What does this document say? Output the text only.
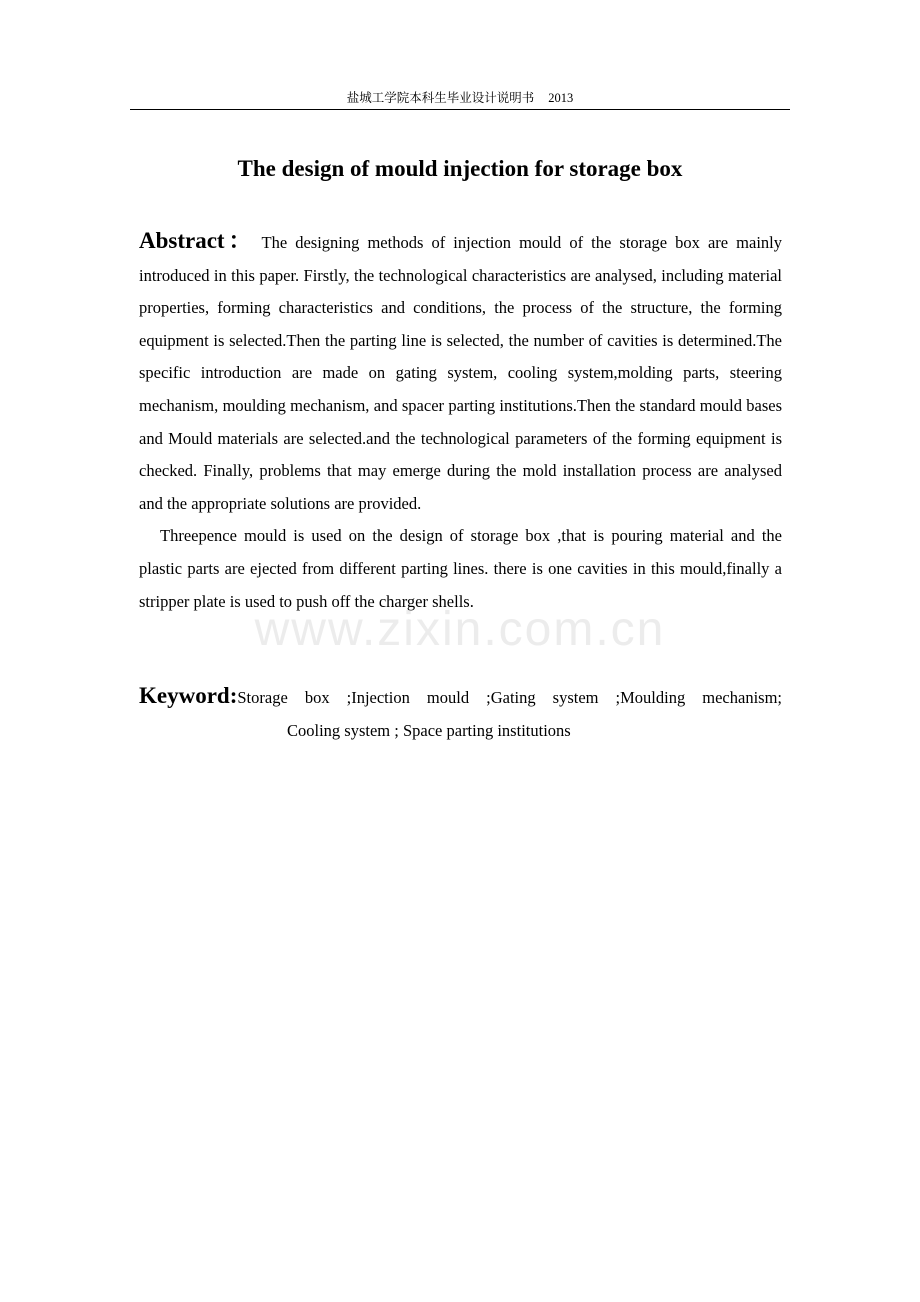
盐城工学院本科生毕业设计说明书 2013
The design of mould injection for storage box

Abstract： The designing methods of injection mould of the storage box are mainly introduced in this paper. Firstly, the technological characteristics are analysed, including material properties, forming characteristics and conditions, the process of the structure, the forming equipment is selected.Then the parting line is selected, the number of cavities is determined.The specific introduction are made on gating system, cooling system,molding parts, steering mechanism, moulding mechanism, and spacer parting institutions.Then the standard mould bases and Mould materials are selected.and the technological parameters of the forming equipment is checked. Finally, problems that may emerge during the mold installation process are analysed and the appropriate solutions are provided.

Threepence mould is used on the design of storage box ,that is pouring material and the plastic parts are ejected from different parting lines. there is one cavities in this mould,finally a stripper plate is used to push off the charger shells.

www.zixin.com.cn

Keyword:Storage box ;Injection mould ;Gating system ;Moulding mechanism;

Cooling system ; Space parting institutions
